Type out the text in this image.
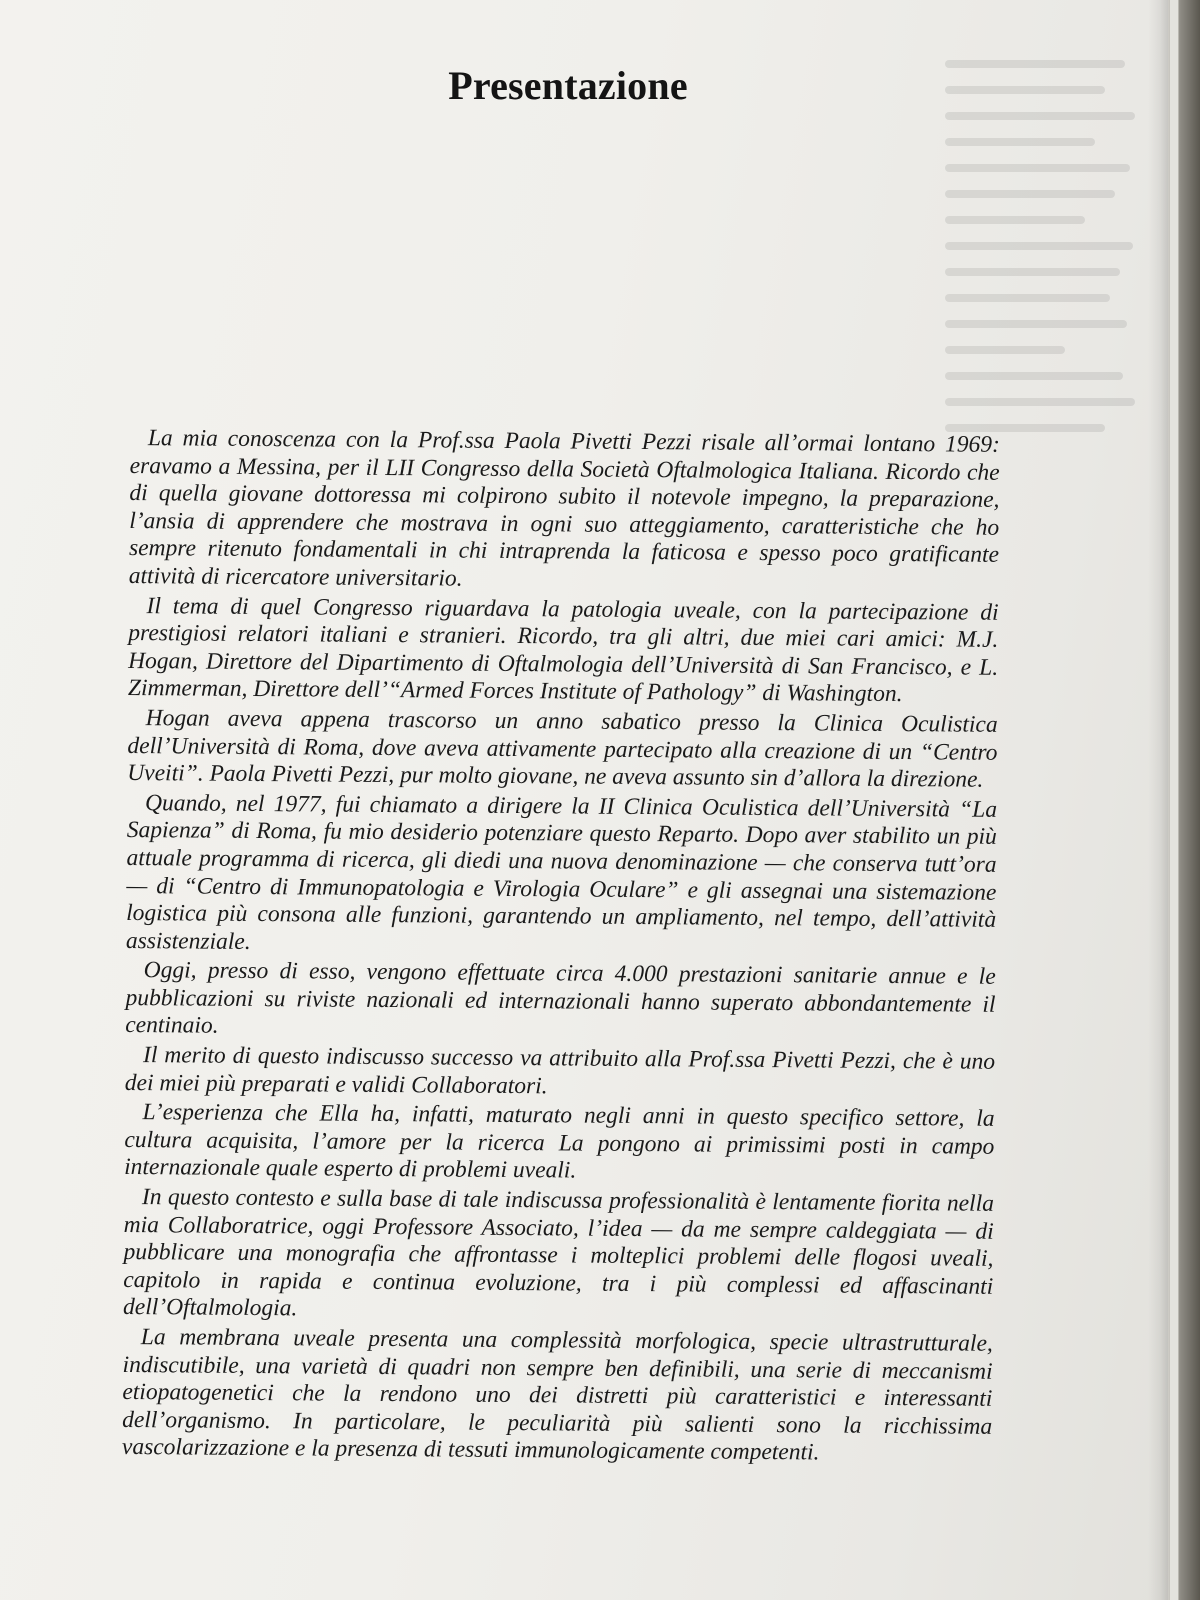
Presentazione

La mia conoscenza con la Prof.ssa Paola Pivetti Pezzi risale all’ormai lontano 1969: eravamo a Messina, per il LII Congresso della Società Oftalmologica Italiana. Ricordo che di quella giovane dottoressa mi colpirono subito il notevole impegno, la preparazione, l’ansia di apprendere che mostrava in ogni suo atteggiamento, caratteristiche che ho sempre ritenuto fondamentali in chi intraprenda la faticosa e spesso poco gratificante attività di ricercatore universitario.

Il tema di quel Congresso riguardava la patologia uveale, con la partecipazione di prestigiosi relatori italiani e stranieri. Ricordo, tra gli altri, due miei cari amici: M.J. Hogan, Direttore del Dipartimento di Oftalmologia dell’Università di San Francisco, e L. Zimmerman, Direttore dell’“Armed Forces Institute of Pathology” di Washington.

Hogan aveva appena trascorso un anno sabatico presso la Clinica Oculistica dell’Università di Roma, dove aveva attivamente partecipato alla creazione di un “Centro Uveiti”. Paola Pivetti Pezzi, pur molto giovane, ne aveva assunto sin d’allora la direzione.

Quando, nel 1977, fui chiamato a dirigere la II Clinica Oculistica dell’Università “La Sapienza” di Roma, fu mio desiderio potenziare questo Reparto. Dopo aver stabilito un più attuale programma di ricerca, gli diedi una nuova denominazione — che conserva tutt’ora — di “Centro di Immunopatologia e Virologia Oculare” e gli assegnai una sistemazione logistica più consona alle funzioni, garantendo un ampliamento, nel tempo, dell’attività assistenziale.

Oggi, presso di esso, vengono effettuate circa 4.000 prestazioni sanitarie annue e le pubblicazioni su riviste nazionali ed internazionali hanno superato abbondantemente il centinaio.

Il merito di questo indiscusso successo va attribuito alla Prof.ssa Pivetti Pezzi, che è uno dei miei più preparati e validi Collaboratori.

L’esperienza che Ella ha, infatti, maturato negli anni in questo specifico settore, la cultura acquisita, l’amore per la ricerca La pongono ai primissimi posti in campo internazionale quale esperto di problemi uveali.

In questo contesto e sulla base di tale indiscussa professionalità è lentamente fiorita nella mia Collaboratrice, oggi Professore Associato, l’idea — da me sempre caldeggiata — di pubblicare una monografia che affrontasse i molteplici problemi delle flogosi uveali, capitolo in rapida e continua evoluzione, tra i più complessi ed affascinanti dell’Oftalmologia.

La membrana uveale presenta una complessità morfologica, specie ultrastrutturale, indiscutibile, una varietà di quadri non sempre ben definibili, una serie di meccanismi etiopatogenetici che la rendono uno dei distretti più caratteristici e interessanti dell’organismo. In particolare, le peculiarità più salienti sono la ricchissima vascolarizzazione e la presenza di tessuti immunologicamente competenti.
